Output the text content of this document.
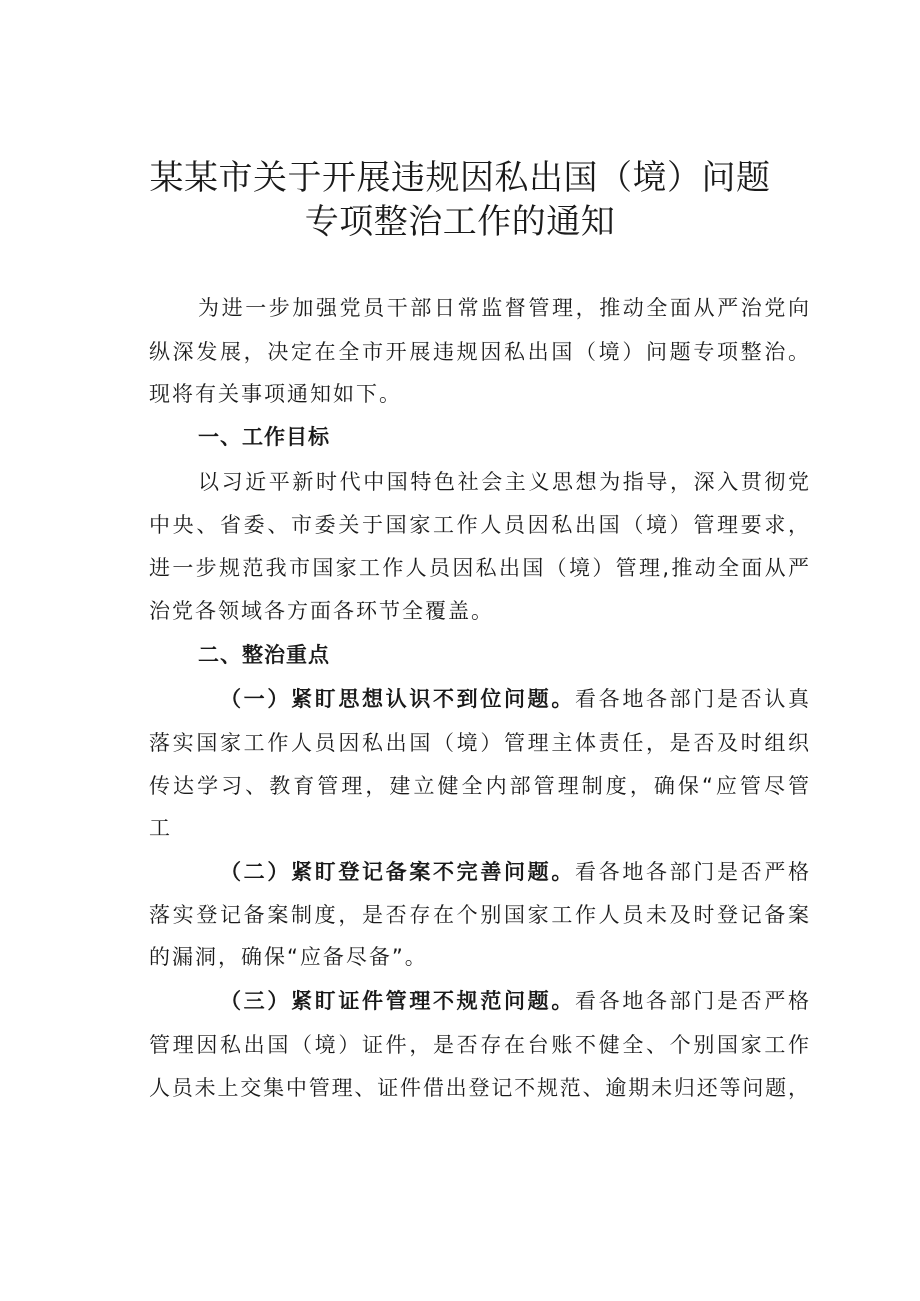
某某市关于开展违规因私出国（境）问题
专项整治工作的通知
为进一步加强党员干部日常监督管理，推动全面从严治党向
纵深发展，决定在全市开展违规因私出国（境）问题专项整治。
现将有关事项通知如下。
一、工作目标
以习近平新时代中国特色社会主义思想为指导，深入贯彻党
中央、省委、市委关于国家工作人员因私出国（境）管理要求，
进一步规范我市国家工作人员因私出国（境）管理,推动全面从严
治党各领域各方面各环节全覆盖。
二、整治重点
（一）紧盯思想认识不到位问题。看各地各部门是否认真
落实国家工作人员因私出国（境）管理主体责任，是否及时组织
传达学习、教育管理，建立健全内部管理制度，确保“应管尽管
工
（二）紧盯登记备案不完善问题。看各地各部门是否严格
落实登记备案制度，是否存在个别国家工作人员未及时登记备案
的漏洞，确保“应备尽备”。
（三）紧盯证件管理不规范问题。看各地各部门是否严格
管理因私出国（境）证件，是否存在台账不健全、个别国家工作
人员未上交集中管理、证件借出登记不规范、逾期未归还等问题，
